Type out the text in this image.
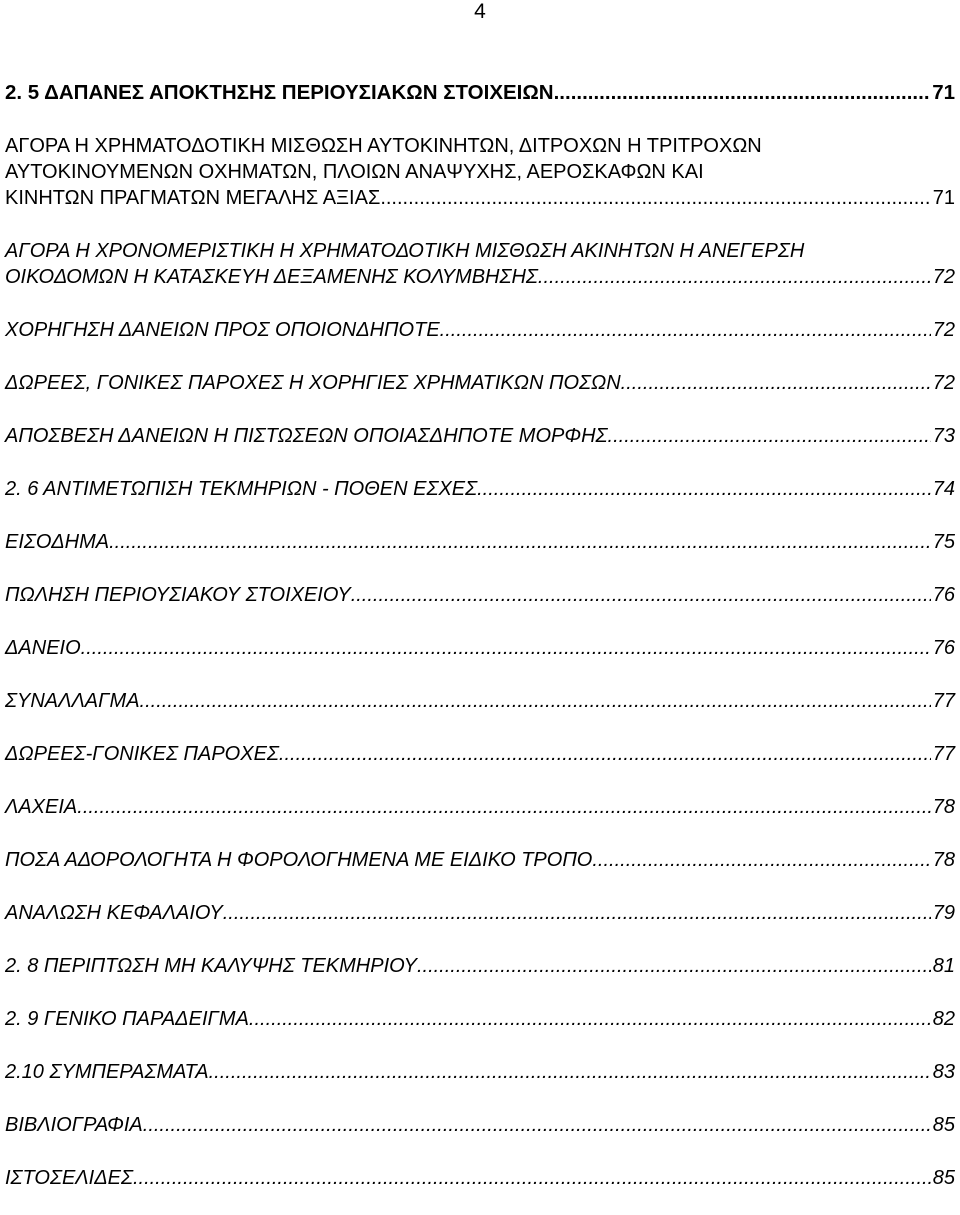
4
2. 5 ΔΑΠΑΝΕΣ ΑΠΟΚΤΗΣΗΣ ΠΕΡΙΟΥΣΙΑΚΩΝ ΣΤΟΙΧΕΙΩΝ .....	71
ΑΓΟΡΑ Η ΧΡΗΜΑΤΟΔΟΤΙΚΗ ΜΙΣΘΩΣΗ ΑΥΤΟΚΙΝΗΤΩΝ, ΔΙΤΡΟΧΩΝ Η ΤΡΙΤΡΟΧΩΝ
ΑΥΤΟΚΙΝΟΥΜΕΝΩΝ ΟΧΗΜΑΤΩΝ, ΠΛΟΙΩΝ ΑΝΑΨΥΧΗΣ, ΑΕΡΟΣΚΑΦΩΝ ΚΑΙ
ΚΙΝΗΤΩΝ ΠΡΑΓΜΑΤΩΝ ΜΕΓΑΛΗΣ ΑΞΙΑΣ .....	71
ΑΓΟΡΑ Η ΧΡΟΝΟΜΕΡΙΣΤΙΚΗ Η ΧΡΗΜΑΤΟΔΟΤΙΚΗ ΜΙΣΘΩΣΗ ΑΚΙΝΗΤΩΝ Η ΑΝΕΓΕΡΣΗ
ΟΙΚΟΔΟΜΩΝ Η ΚΑΤΑΣΚΕΥΗ ΔΕΞΑΜΕΝΗΣ ΚΟΛΥΜΒΗΣΗΣ .....	72
ΧΟΡΗΓΗΣΗ ΔΑΝΕΙΩΝ ΠΡΟΣ ΟΠΟΙΟΝΔΗΠΟΤΕ .....	72
ΔΩΡΕΕΣ, ΓΟΝΙΚΕΣ ΠΑΡΟΧΕΣ Η ΧΟΡΗΓΙΕΣ ΧΡΗΜΑΤΙΚΩΝ ΠΟΣΩΝ .....	72
ΑΠΟΣΒΕΣΗ ΔΑΝΕΙΩΝ Η ΠΙΣΤΩΣΕΩΝ ΟΠΟΙΑΣΔΗΠΟΤΕ ΜΟΡΦΗΣ .....	73
2. 6 ΑΝΤΙΜΕΤΩΠΙΣΗ ΤΕΚΜΗΡΙΩΝ - ΠΟΘΕΝ ΕΣΧΕΣ .....	74
ΕΙΣΟΔΗΜΑ .....	75
ΠΩΛΗΣΗ ΠΕΡΙΟΥΣΙΑΚΟΥ ΣΤΟΙΧΕΙΟΥ .....	76
ΔΑΝΕΙΟ .....	76
ΣΥΝΑΛΛΑΓΜΑ .....	77
ΔΩΡΕΕΣ-ΓΟΝΙΚΕΣ ΠΑΡΟΧΕΣ .....	77
ΛΑΧΕΙΑ .....	78
ΠΟΣΑ ΑΔΟΡΟΛΟΓΗΤΑ Η ΦΟΡΟΛΟΓΗΜΕΝΑ ΜΕ ΕΙΔΙΚΟ ΤΡΟΠΟ .....	78
ΑΝΑΛΩΣΗ ΚΕΦΑΛΑΙΟΥ .....	79
2. 8 ΠΕΡΙΠΤΩΣΗ ΜΗ ΚΑΛΥΨΗΣ ΤΕΚΜΗΡΙΟΥ .....	81
2. 9 ΓΕΝΙΚΟ ΠΑΡΑΔΕΙΓΜΑ .....	82
2.10 ΣΥΜΠΕΡΑΣΜΑΤΑ .....	83
ΒΙΒΛΙΟΓΡΑΦΙΑ .....	85
ΙΣΤΟΣΕΛΙΔΕΣ .....	85
